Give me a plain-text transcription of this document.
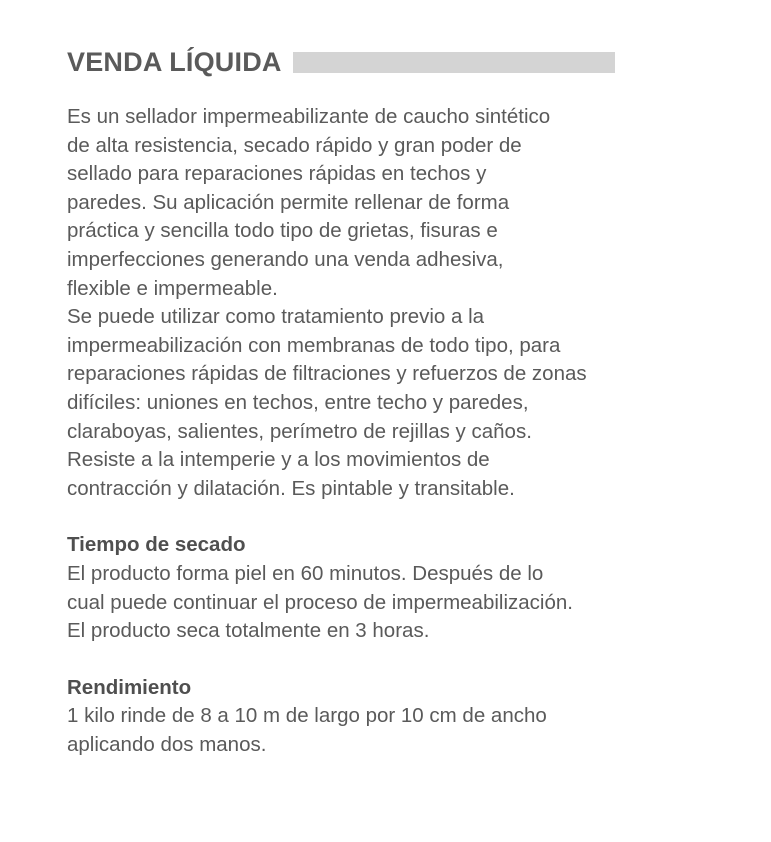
VENDA LÍQUIDA
Es un sellador impermeabilizante de caucho sintético
de alta resistencia, secado rápido y gran poder de
sellado para reparaciones rápidas en techos y
paredes. Su aplicación permite rellenar de forma
práctica y sencilla todo tipo de grietas, fisuras e
imperfecciones generando una venda adhesiva,
flexible e impermeable.
Se puede utilizar como tratamiento previo a la
impermeabilización con membranas de todo tipo, para
reparaciones rápidas de filtraciones y refuerzos de zonas
difíciles: uniones en techos, entre techo y paredes,
claraboyas, salientes, perímetro de rejillas y caños.
Resiste a la intemperie y a los movimientos de
contracción y dilatación. Es pintable y transitable.
Tiempo de secado
El producto forma piel en 60 minutos. Después de lo
cual puede continuar el proceso de impermeabilización.
El producto seca totalmente en 3 horas.
Rendimiento
1 kilo rinde de 8 a 10 m de largo por 10 cm de ancho
aplicando dos manos.
